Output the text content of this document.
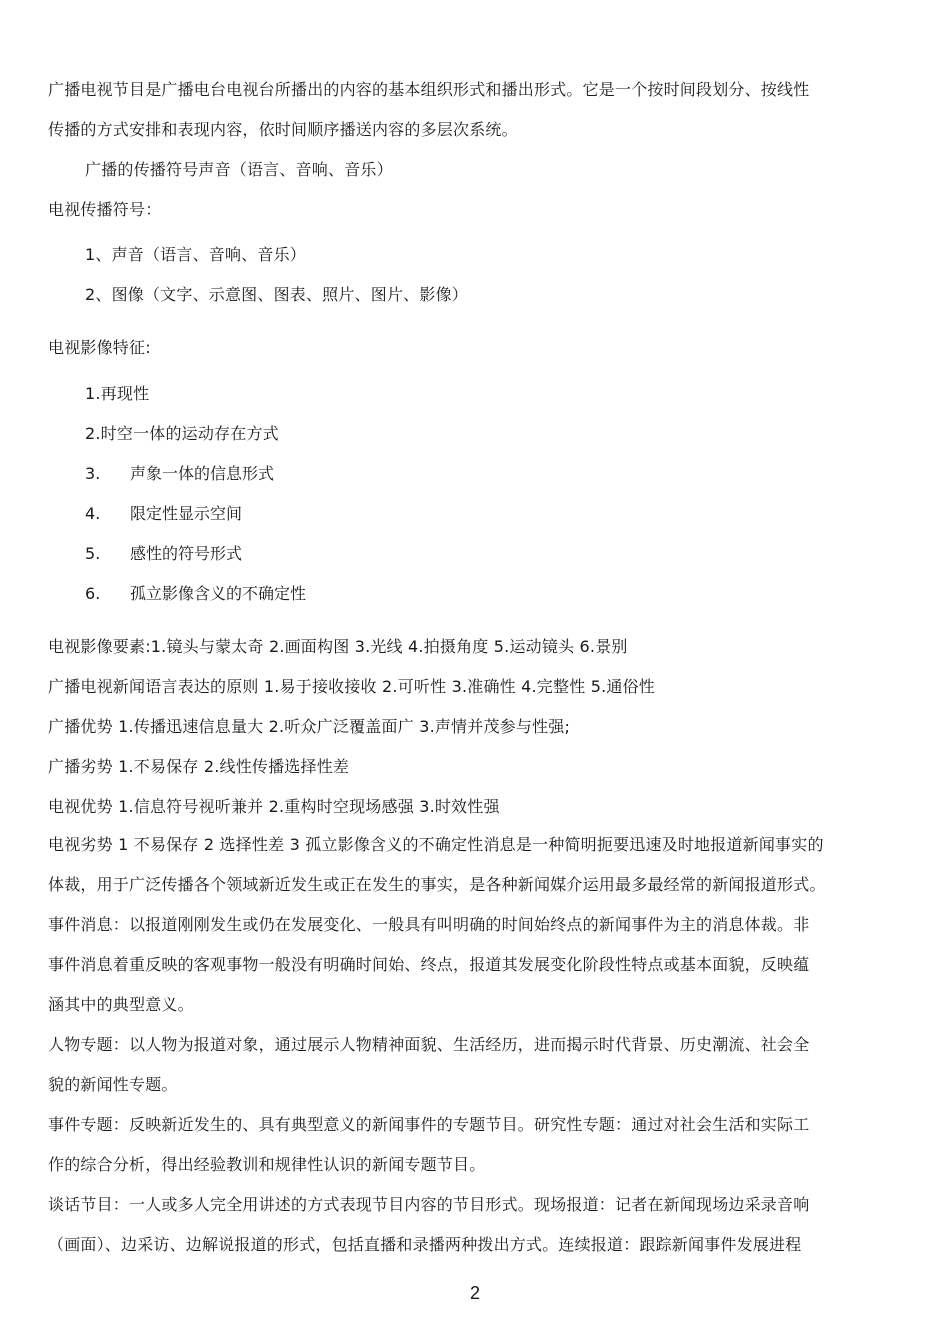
广播电视节目是广播电台电视台所播出的内容的基本组织形式和播出形式。它是一个按时间段划分、按线性
传播的方式安排和表现内容，依时间顺序播送内容的多层次系统。
广播的传播符号声音（语言、音响、音乐）
电视传播符号：
1、声音（语言、音响、音乐）
2、图像（文字、示意图、图表、照片、图片、影像）
电视影像特征:
1.再现性
2.时空一体的运动存在方式
3. 声象一体的信息形式
4. 限定性显示空间
5. 感性的符号形式
6. 孤立影像含义的不确定性
电视影像要素:1.镜头与蒙太奇 2.画面构图 3.光线 4.拍摄角度 5.运动镜头 6.景别
广播电视新闻语言表达的原则 1.易于接收接收 2.可听性 3.准确性 4.完整性 5.通俗性
广播优势 1.传播迅速信息量大 2.听众广泛覆盖面广 3.声情并茂参与性强;
广播劣势 1.不易保存 2.线性传播选择性差
电视优势 1.信息符号视听兼并 2.重构时空现场感强 3.时效性强
电视劣势 1 不易保存 2 选择性差 3 孤立影像含义的不确定性消息是一种简明扼要迅速及时地报道新闻事实的
体裁，用于广泛传播各个领域新近发生或正在发生的事实，是各种新闻媒介运用最多最经常的新闻报道形式。
事件消息：以报道刚刚发生或仍在发展变化、一般具有叫明确的时间始终点的新闻事件为主的消息体裁。非
事件消息着重反映的客观事物一般没有明确时间始、终点，报道其发展变化阶段性特点或基本面貌，反映蕴
涵其中的典型意义。
人物专题：以人物为报道对象，通过展示人物精神面貌、生活经历，进而揭示时代背景、历史潮流、社会全
貌的新闻性专题。
事件专题：反映新近发生的、具有典型意义的新闻事件的专题节目。研究性专题：通过对社会生活和实际工
作的综合分析，得出经验教训和规律性认识的新闻专题节目。
谈话节目：一人或多人完全用讲述的方式表现节目内容的节目形式。现场报道：记者在新闻现场边采录音响
（画面）、边采访、边解说报道的形式，包括直播和录播两种拨出方式。连续报道：跟踪新闻事件发展进程
2
